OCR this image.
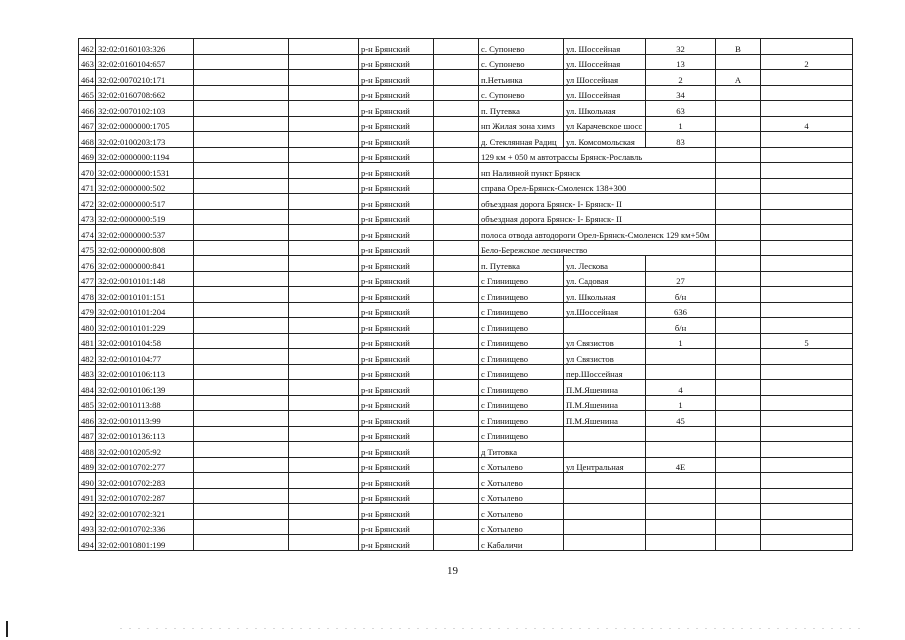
462	32:02:0160103:326			р-н Брянский		с. Супонево	ул. Шоссейная	32	В	
463	32:02:0160104:657			р-н Брянский		с. Супонево	ул. Шоссейная	13		2
464	32:02:0070210:171			р-н Брянский		п.Нетьинка	ул Шоссейная	2	А	
465	32:02:0160708:662			р-н Брянский		с. Супонево	ул. Шоссейная	34		
466	32:02:0070102:103			р-н Брянский		п. Путевка	ул. Школьная	63		
467	32:02:0000000:1705			р-н Брянский		нп Жилая зона химз	ул Карачевское шосс	1		4
468	32:02:0100203:173			р-н Брянский		д. Стеклянная Радиц	ул. Комсомольская	83		
469	32:02:0000000:1194			р-н Брянский		129 км + 050 м автотрассы Брянск-Рославль				
470	32:02:0000000:1531			р-н Брянский		нп Наливной пункт Брянск				
471	32:02:0000000:502			р-н Брянский		справа Орел-Брянск-Смоленск 138+300				
472	32:02:0000000:517			р-н Брянский		объездная дорога Брянск- I- Брянск- II				
473	32:02:0000000:519			р-н Брянский		объездная дорога Брянск- I- Брянск- II				
474	32:02:0000000:537			р-н Брянский		полоса отвода автодороги Орел-Брянск-Смоленск 129 км+50м				
475	32:02:0000000:808			р-н Брянский		Бело-Бережское лесничество				
476	32:02:0000000:841			р-н Брянский		п. Путевка	ул. Лескова			
477	32:02:0010101:148			р-н Брянский		с Глинищево	ул. Садовая	27		
478	32:02:0010101:151			р-н Брянский		с Глинищево	ул. Школьная	б/н		
479	32:02:0010101:204			р-н Брянский		с Глинищево	ул.Шоссейная	636		
480	32:02:0010101:229			р-н Брянский		с Глинищево		б/н		
481	32:02:0010104:58			р-н Брянский		с Глинищево	ул Связистов	1		5
482	32:02:0010104:77			р-н Брянский		с Глинищево	ул Связистов			
483	32:02:0010106:113			р-н Брянский		с Глинищево	пер.Шоссейная			
484	32:02:0010106:139			р-н Брянский		с Глинищево	П.М.Яшенина	4		
485	32:02:0010113:88			р-н Брянский		с Глинищево	П.М.Яшенина	1		
486	32:02:0010113:99			р-н Брянский		с Глинищево	П.М.Яшенина	45		
487	32:02:0010136:113			р-н Брянский		с Глинищево				
488	32:02:0010205:92			р-н Брянский		д Титовка				
489	32:02:0010702:277			р-н Брянский		с Хотылево	ул Центральная	4Е		
490	32:02:0010702:283			р-н Брянский		с Хотылево				
491	32:02:0010702:287			р-н Брянский		с Хотылево				
492	32:02:0010702:321			р-н Брянский		с Хотылево				
493	32:02:0010702:336			р-н Брянский		с Хотылево				
494	32:02:0010801:199			р-н Брянский		с Кабаличи				
19
